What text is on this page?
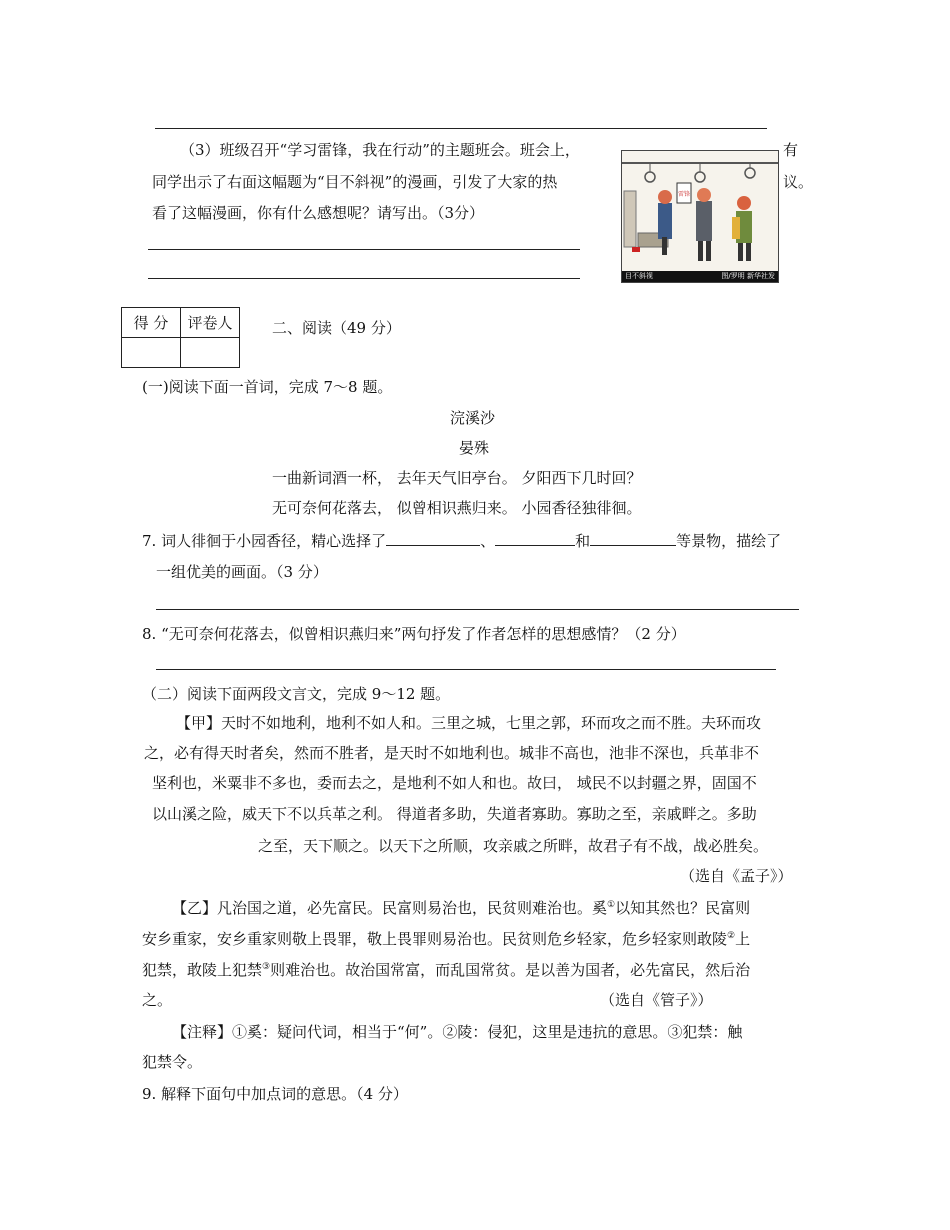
（3）班级召开“学习雷锋，我在行动”的主题班会。班会上，	有
同学出示了右面这幅题为“目不斜视”的漫画，引发了大家的热	议。
看了这幅漫画，你有什么感想呢？请写出。（3分）
雷锋
目不斜视	图/罗明 新华社发
得 分	评卷人
		二、阅读（49 分）
(一)阅读下面一首词，完成 7～8 题。
浣溪沙
晏殊
一曲新词酒一杯， 去年天气旧亭台。 夕阳西下几时回？
无可奈何花落去， 似曾相识燕归来。 小园香径独徘徊。
7. 词人徘徊于小园香径，精心选择了	、	和	等景物，描绘了
一组优美的画面。（3 分）
8. “无可奈何花落去，似曾相识燕归来”两句抒发了作者怎样的思想感情？（2 分）
（二）阅读下面两段文言文，完成 9～12 题。
【甲】天时不如地利，地利不如人和。三里之城，七里之郭，环而攻之而不胜。夫环而攻
之，必有得天时者矣，然而不胜者，是天时不如地利也。城非不高也，池非不深也，兵革非不
坚利也，米粟非不多也，委而去之，是地利不如人和也。故曰， 域民不以封疆之界，固国不
以山溪之险，威天下不以兵革之利。 得道者多助，失道者寡助。寡助之至，亲戚畔之。多助
之至，天下顺之。以天下之所顺，攻亲戚之所畔，故君子有不战，战必胜矣。
（选自《孟子》）
【乙】凡治国之道，必先富民。民富则易治也，民贫则难治也。奚①以知其然也？民富则
安乡重家，安乡重家则敬上畏罪，敬上畏罪则易治也。民贫则危乡轻家，危乡轻家则敢陵②上
犯禁，敢陵上犯禁③则难治也。故治国常富，而乱国常贫。是以善为国者，必先富民，然后治
之。	（选自《管子》）
【注释】①奚：疑问代词，相当于“何”。②陵：侵犯，这里是违抗的意思。③犯禁：触
犯禁令。
9. 解释下面句中加点词的意思。（4 分）
